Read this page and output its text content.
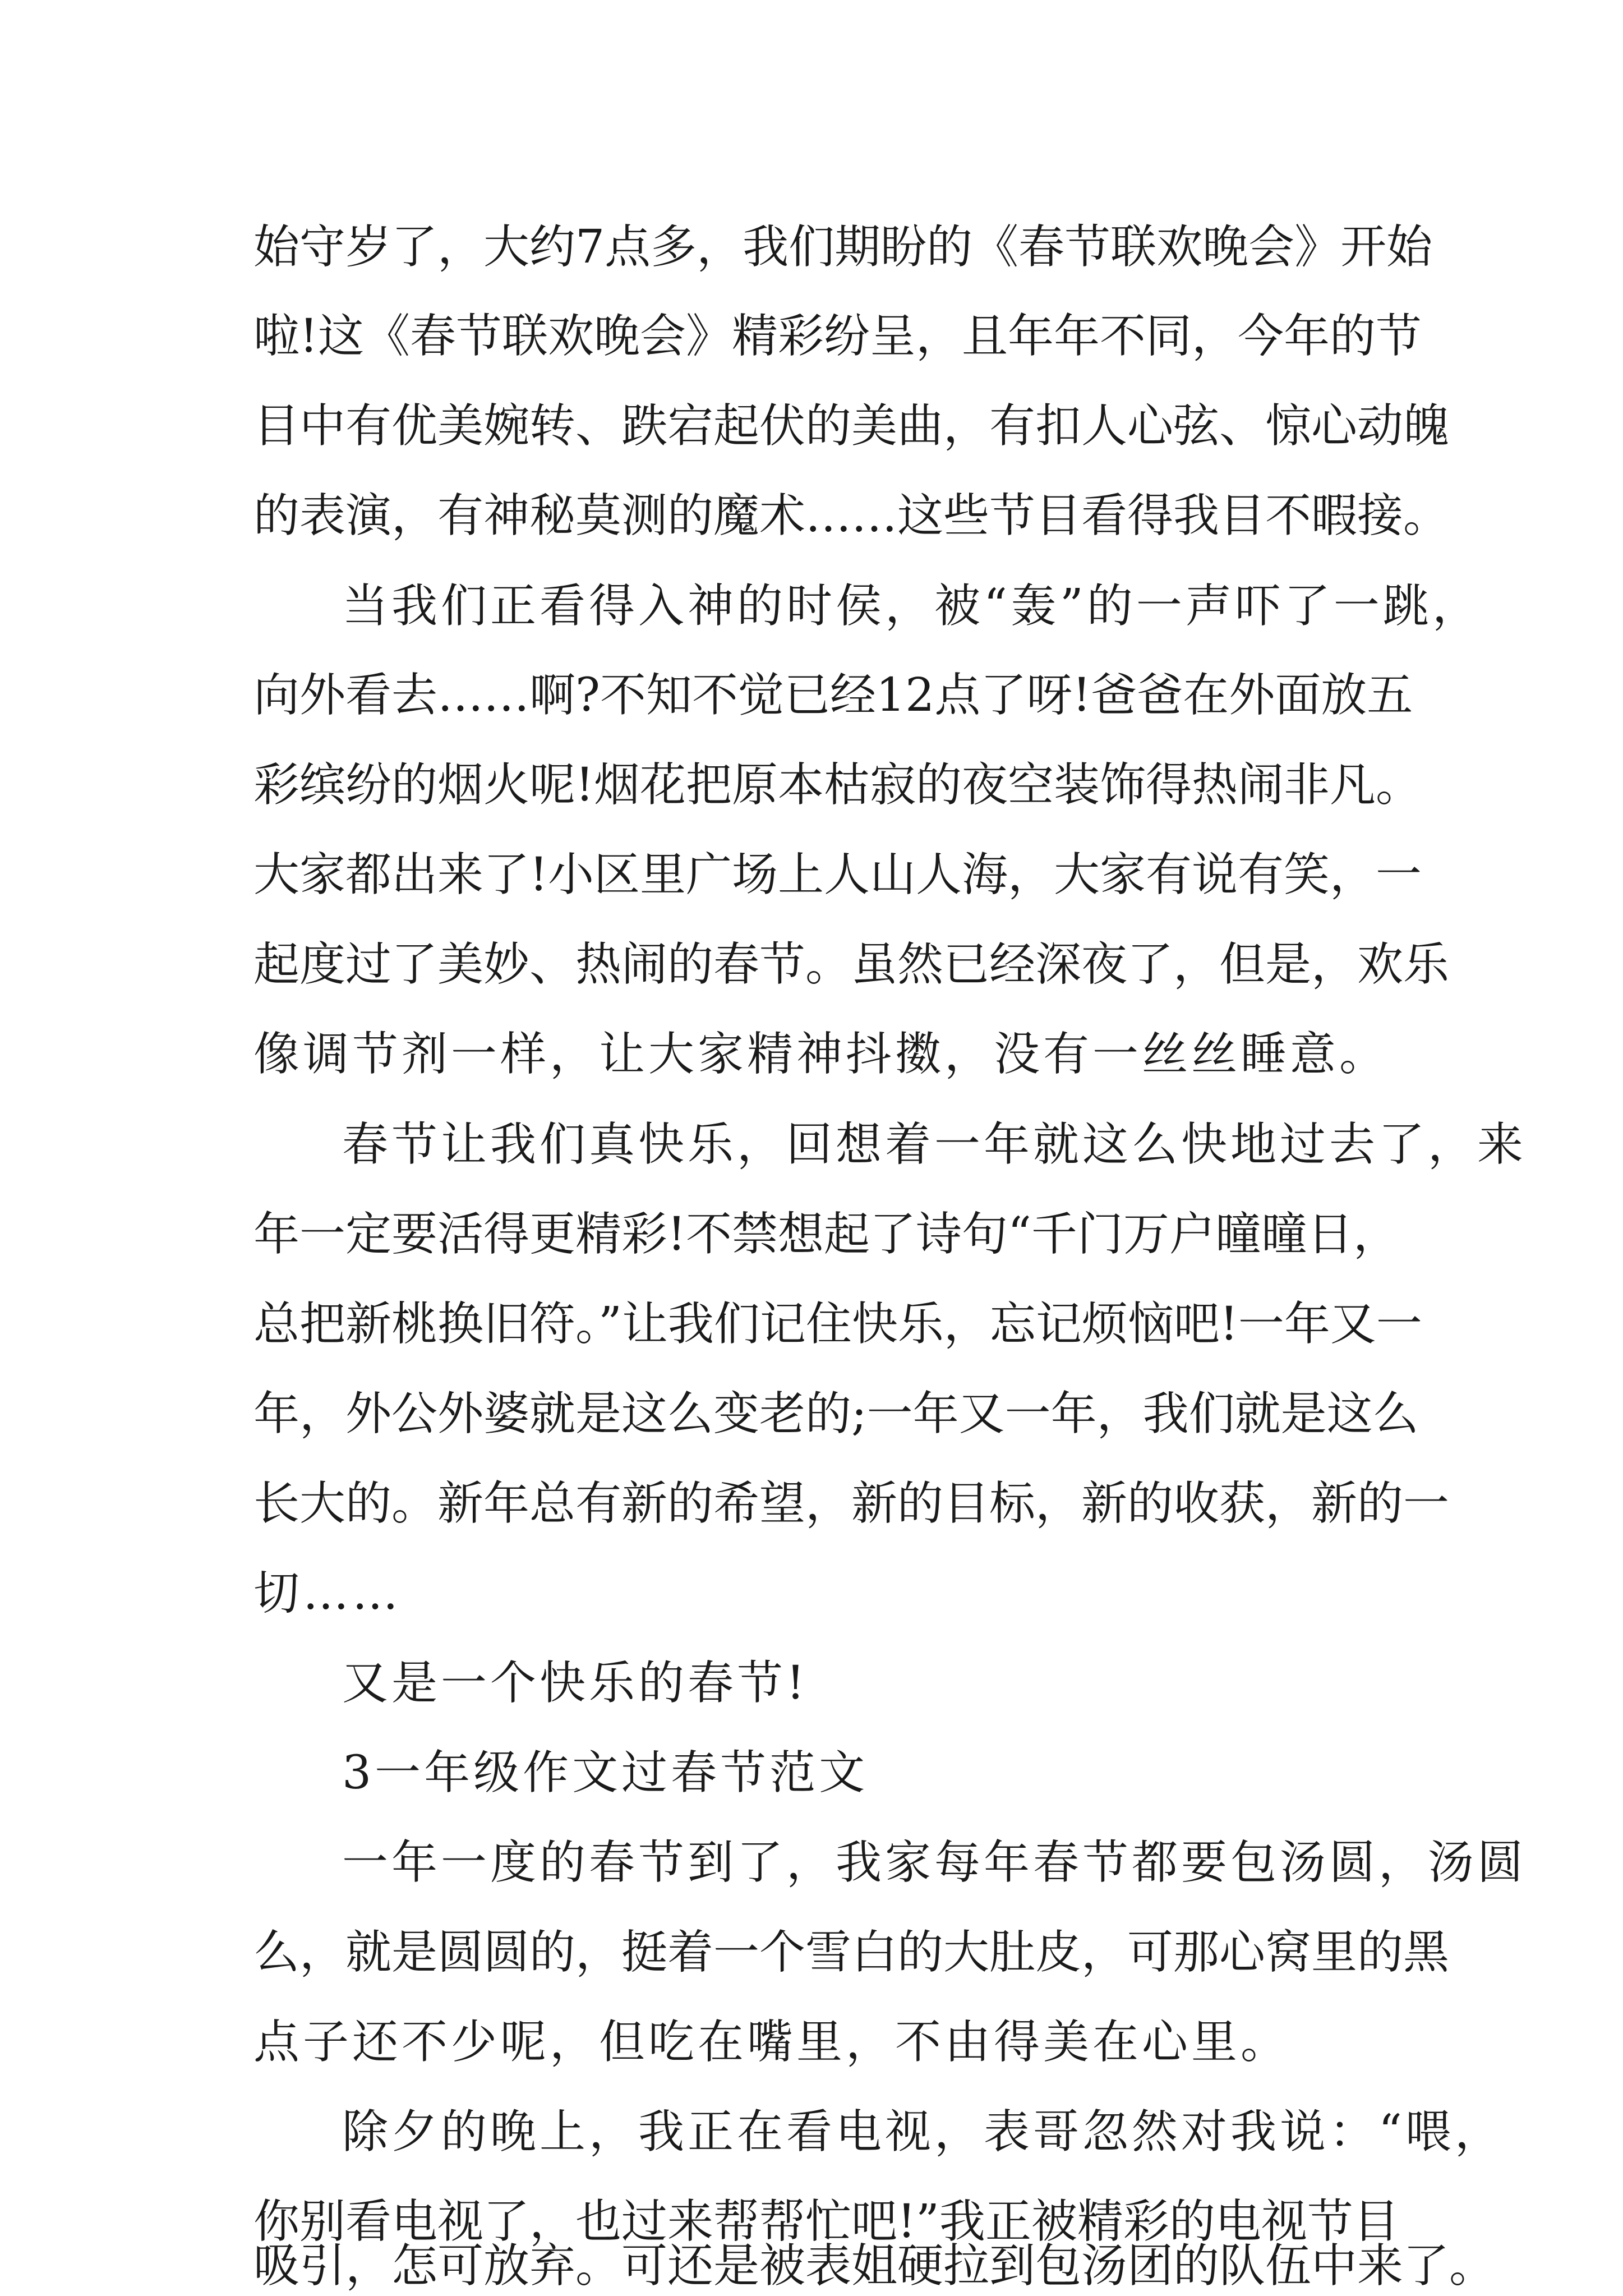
始守岁了，大约7点多，我们期盼的《春节联欢晚会》开始
啦!这《春节联欢晚会》精彩纷呈，且年年不同，今年的节
目中有优美婉转、跌宕起伏的美曲，有扣人心弦、惊心动魄
的表演，有神秘莫测的魔术……这些节目看得我目不暇接。
当我们正看得入神的时侯，被“轰”的一声吓了一跳，
向外看去……啊?不知不觉已经12点了呀!爸爸在外面放五
彩缤纷的烟火呢!烟花把原本枯寂的夜空装饰得热闹非凡。
大家都出来了!小区里广场上人山人海，大家有说有笑，一
起度过了美妙、热闹的春节。虽然已经深夜了，但是，欢乐
像调节剂一样，让大家精神抖擞，没有一丝丝睡意。
春节让我们真快乐，回想着一年就这么快地过去了，来
年一定要活得更精彩!不禁想起了诗句“千门万户曈曈日，
总把新桃换旧符。”让我们记住快乐，忘记烦恼吧!一年又一
年，外公外婆就是这么变老的;一年又一年，我们就是这么
长大的。新年总有新的希望，新的目标，新的收获，新的一
切……
又是一个快乐的春节!
3一年级作文过春节范文
一年一度的春节到了，我家每年春节都要包汤圆，汤圆
么，就是圆圆的，挺着一个雪白的大肚皮，可那心窝里的黑
点子还不少呢，但吃在嘴里，不由得美在心里。
除夕的晚上，我正在看电视，表哥忽然对我说：“喂，
你别看电视了，也过来帮帮忙吧!”我正被精彩的电视节目
吸引，怎可放弃。可还是被表姐硬拉到包汤团的队伍中来了。
